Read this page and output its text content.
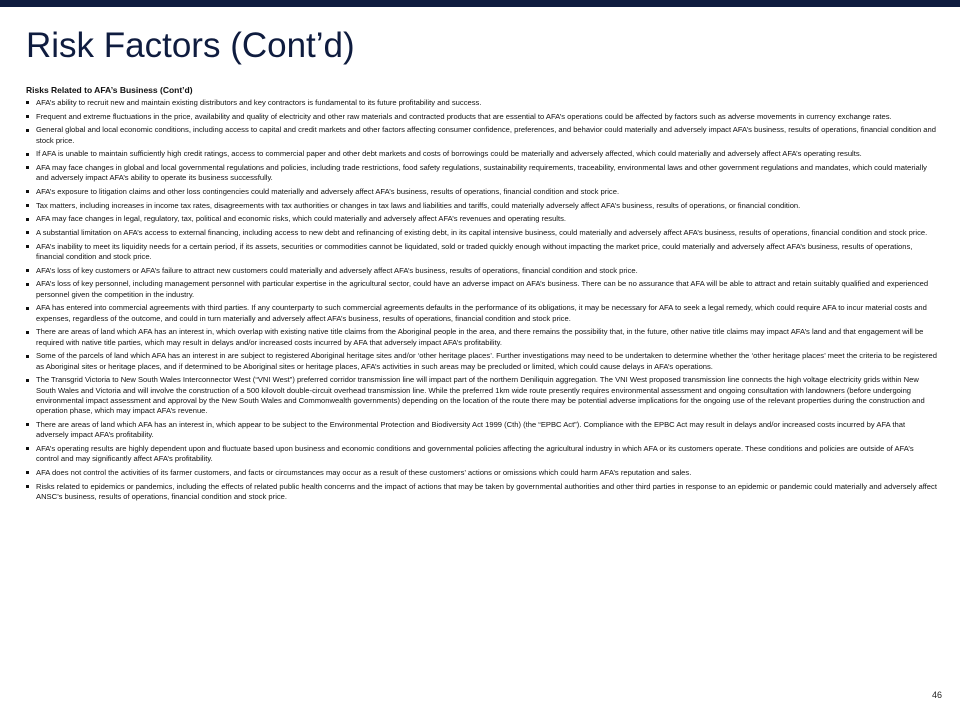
Risk Factors (Cont’d)
Risks Related to AFA’s Business (Cont’d)
AFA’s ability to recruit new and maintain existing distributors and key contractors is fundamental to its future profitability and success.
Frequent and extreme fluctuations in the price, availability and quality of electricity and other raw materials and contracted products that are essential to AFA’s operations could be affected by factors such as adverse movements in currency exchange rates.
General global and local economic conditions, including access to capital and credit markets and other factors affecting consumer confidence, preferences, and behavior could materially and adversely impact AFA’s business, results of operations, financial condition and stock price.
If AFA is unable to maintain sufficiently high credit ratings, access to commercial paper and other debt markets and costs of borrowings could be materially and adversely affected, which could materially and adversely affect AFA’s operating results.
AFA may face changes in global and local governmental regulations and policies, including trade restrictions, food safety regulations, sustainability requirements, traceability, environmental laws and other government regulations and mandates, which could materially and adversely impact AFA’s ability to operate its business successfully.
AFA’s exposure to litigation claims and other loss contingencies could materially and adversely affect AFA’s business, results of operations, financial condition and stock price.
Tax matters, including increases in income tax rates, disagreements with tax authorities or changes in tax laws and liabilities and tariffs, could materially adversely affect AFA’s business, results of operations, or financial condition.
AFA may face changes in legal, regulatory, tax, political and economic risks, which could materially and adversely affect AFA’s revenues and operating results.
A substantial limitation on AFA’s access to external financing, including access to new debt and refinancing of existing debt, in its capital intensive business, could materially and adversely affect AFA’s business, results of operations, financial condition and stock price.
AFA’s inability to meet its liquidity needs for a certain period, if its assets, securities or commodities cannot be liquidated, sold or traded quickly enough without impacting the market price, could materially and adversely affect AFA’s business, results of operations, financial condition and stock price.
AFA’s loss of key customers or AFA’s failure to attract new customers could materially and adversely affect AFA’s business, results of operations, financial condition and stock price.
AFA’s loss of key personnel, including management personnel with particular expertise in the agricultural sector, could have an adverse impact on AFA’s business. There can be no assurance that AFA will be able to attract and retain suitably qualified and experienced personnel given the competition in the industry.
AFA has entered into commercial agreements with third parties. If any counterparty to such commercial agreements defaults in the performance of its obligations, it may be necessary for AFA to seek a legal remedy, which could require AFA to incur material costs and expenses, regardless of the outcome, and could in turn materially and adversely affect AFA’s business, results of operations, financial condition and stock price.
There are areas of land which AFA has an interest in, which overlap with existing native title claims from the Aboriginal people in the area, and there remains the possibility that, in the future, other native title claims may impact AFA’s land and that engagement will be required with native title parties, which may result in delays and/or increased costs incurred by AFA that adversely impact AFA’s profitability.
Some of the parcels of land which AFA has an interest in are subject to registered Aboriginal heritage sites and/or ‘other heritage places’. Further investigations may need to be undertaken to determine whether the ‘other heritage places’ meet the criteria to be registered as Aboriginal sites or heritage places, and if determined to be Aboriginal sites or heritage places, AFA’s activities in such areas may be precluded or limited, which could cause delays in AFA’s operations.
The Transgrid Victoria to New South Wales Interconnector West (“VNI West”) preferred corridor transmission line will impact part of the northern Deniliquin aggregation. The VNI West proposed transmission line connects the high voltage electricity grids within New South Wales and Victoria and will involve the construction of a 500 kilovolt double-circuit overhead transmission line. While the preferred 1km wide route presently requires environmental assessment and ongoing consultation with landowners (before undergoing environmental impact assessment and approval by the New South Wales and Commonwealth governments) depending on the location of the route there may be potential adverse implications for the ongoing use of the relevant properties during the construction and operation phase, which may impact AFA’s revenue.
There are areas of land which AFA has an interest in, which appear to be subject to the Environmental Protection and Biodiversity Act 1999 (Cth) (the “EPBC Act”). Compliance with the EPBC Act may result in delays and/or increased costs incurred by AFA that adversely impact AFA’s profitability.
AFA’s operating results are highly dependent upon and fluctuate based upon business and economic conditions and governmental policies affecting the agricultural industry in which AFA or its customers operate. These conditions and policies are outside of AFA’s control and may significantly affect AFA’s profitability.
AFA does not control the activities of its farmer customers, and facts or circumstances may occur as a result of these customers’ actions or omissions which could harm AFA’s reputation and sales.
Risks related to epidemics or pandemics, including the effects of related public health concerns and the impact of actions that may be taken by governmental authorities and other third parties in response to an epidemic or pandemic could materially and adversely affect ANSC’s business, results of operations, financial condition and stock price.
46
